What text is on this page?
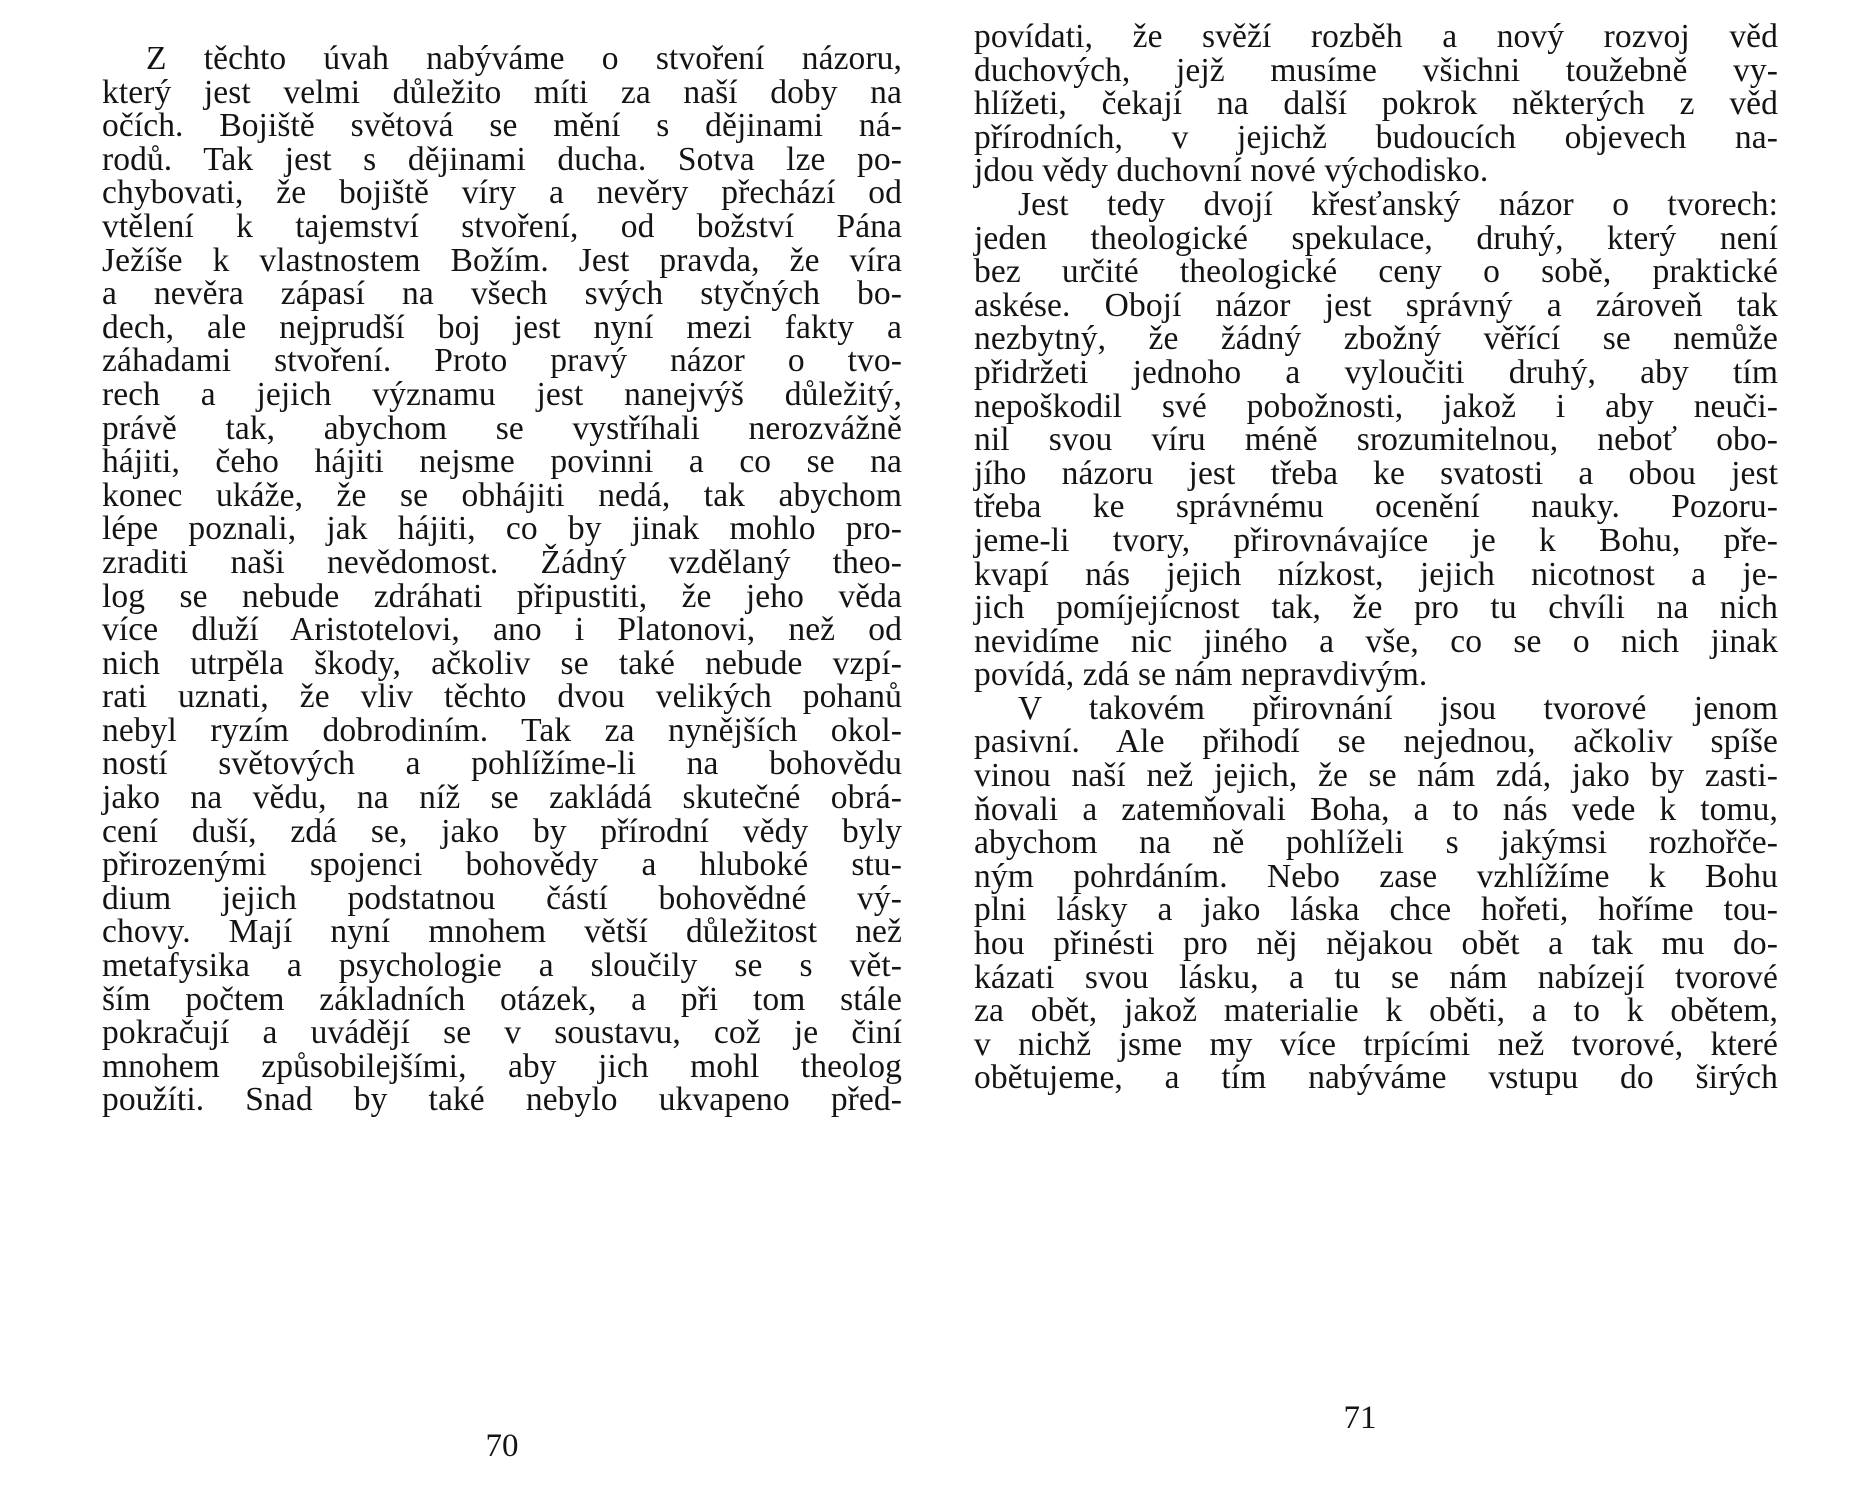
Z těchto úvah nabýváme o stvoření názoru,
který jest velmi důležito míti za naší doby na
očích. Bojiště světová se mění s dějinami ná-
rodů. Tak jest s dějinami ducha. Sotva lze po-
chybovati, že bojiště víry a nevěry přechází od
vtělení k tajemství stvoření, od božství Pána
Ježíše k vlastnostem Božím. Jest pravda, že víra
a nevěra zápasí na všech svých styčných bo-
dech, ale nejprudší boj jest nyní mezi fakty a
záhadami stvoření. Proto pravý názor o tvo-
rech a jejich významu jest nanejvýš důležitý,
právě tak, abychom se vystříhali nerozvážně
hájiti, čeho hájiti nejsme povinni a co se na
konec ukáže, že se obhájiti nedá, tak abychom
lépe poznali, jak hájiti, co by jinak mohlo pro-
zraditi naši nevědomost. Žádný vzdělaný theo-
log se nebude zdráhati připustiti, že jeho věda
více dluží Aristotelovi, ano i Platonovi, než od
nich utrpěla škody, ačkoliv se také nebude vzpí-
rati uznati, že vliv těchto dvou velikých pohanů
nebyl ryzím dobrodiním. Tak za nynějších okol-
ností světových a pohlížíme-li na bohovědu
jako na vědu, na níž se zakládá skutečné obrá-
cení duší, zdá se, jako by přírodní vědy byly
přirozenými spojenci bohovědy a hluboké stu-
dium jejich podstatnou částí bohovědné vý-
chovy. Mají nyní mnohem větší důležitost než
metafysika a psychologie a sloučily se s vět-
ším počtem základních otázek, a při tom stále
pokračují a uvádějí se v soustavu, což je činí
mnohem způsobilejšími, aby jich mohl theolog
použíti. Snad by také nebylo ukvapeno před-
70
povídati, že svěží rozběh a nový rozvoj věd
duchových, jejž musíme všichni toužebně vy-
hlížeti, čekají na další pokrok některých z věd
přírodních, v jejichž budoucích objevech na-
jdou vědy duchovní nové východisko.
Jest tedy dvojí křesťanský názor o tvorech:
jeden theologické spekulace, druhý, který není
bez určité theologické ceny o sobě, praktické
askése. Obojí názor jest správný a zároveň tak
nezbytný, že žádný zbožný věřící se nemůže
přidržeti jednoho a vyloučiti druhý, aby tím
nepoškodil své pobožnosti, jakož i aby neuči-
nil svou víru méně srozumitelnou, neboť obo-
jího názoru jest třeba ke svatosti a obou jest
třeba ke správnému ocenění nauky. Pozoru-
jeme-li tvory, přirovnávajíce je k Bohu, pře-
kvapí nás jejich nízkost, jejich nicotnost a je-
jich pomíjejícnost tak, že pro tu chvíli na nich
nevidíme nic jiného a vše, co se o nich jinak
povídá, zdá se nám nepravdivým.
V takovém přirovnání jsou tvorové jenom
pasivní. Ale přihodí se nejednou, ačkoliv spíše
vinou naší než jejich, že se nám zdá, jako by zasti-
ňovali a zatemňovali Boha, a to nás vede k tomu,
abychom na ně pohlíželi s jakýmsi rozhořče-
ným pohrdáním. Nebo zase vzhlížíme k Bohu
plni lásky a jako láska chce hořeti, hoříme tou-
hou přinésti pro něj nějakou obět a tak mu do-
kázati svou lásku, a tu se nám nabízejí tvorové
za obět, jakož materialie k oběti, a to k obětem,
v nichž jsme my více trpícími než tvorové, které
obětujeme, a tím nabýváme vstupu do širých
71
